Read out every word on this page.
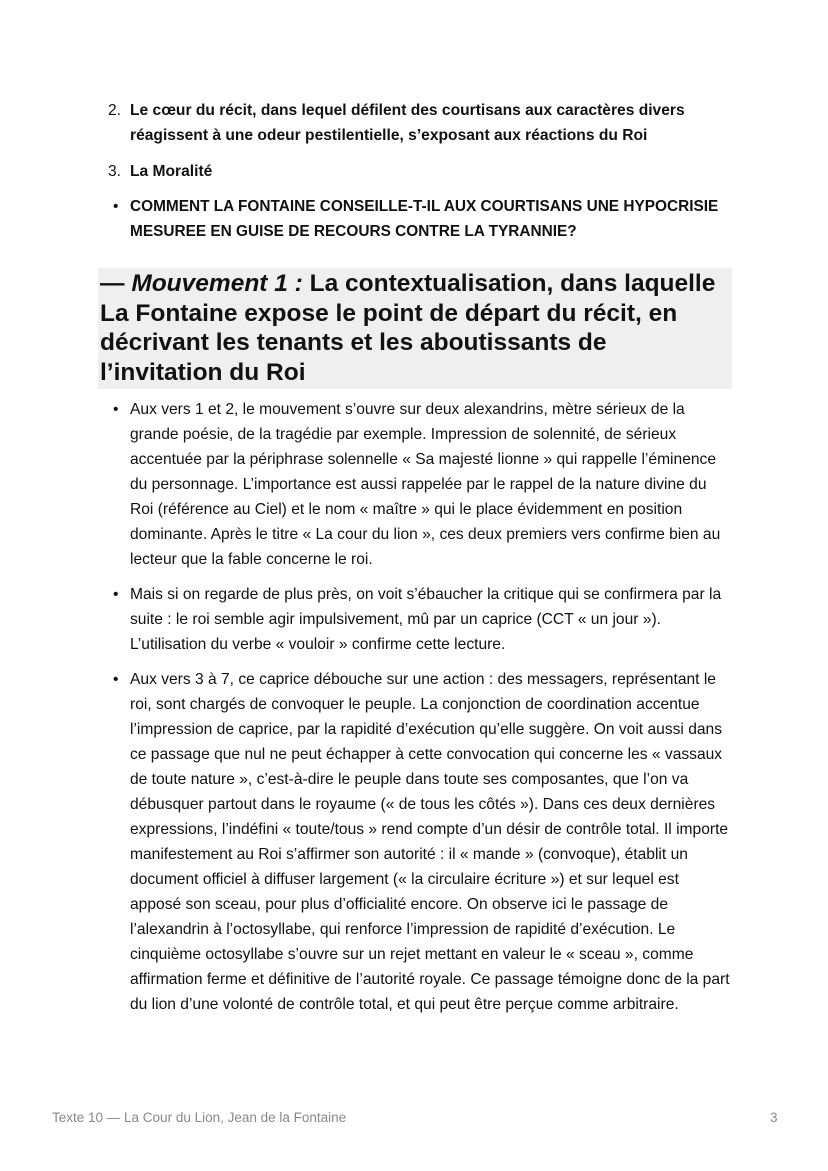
2. Le cœur du récit, dans lequel défilent des courtisans aux caractères divers réagissent à une odeur pestilentielle, s’exposant aux réactions du Roi
3. La Moralité
• COMMENT LA FONTAINE CONSEILLE-T-IL AUX COURTISANS UNE HYPOCRISIE MESUREE EN GUISE DE RECOURS CONTRE LA TYRANNIE?
— Mouvement 1 : La contextualisation, dans laquelle La Fontaine expose le point de départ du récit, en décrivant les tenants et les aboutissants de l’invitation du Roi
• Aux vers 1 et 2, le mouvement s’ouvre sur deux alexandrins, mètre sérieux de la grande poésie, de la tragédie par exemple. Impression de solennité, de sérieux accentuée par la périphrase solennelle « Sa majesté lionne » qui rappelle l’éminence du personnage. L’importance est aussi rappelée par le rappel de la nature divine du Roi (référence au Ciel) et le nom « maître » qui le place évidemment en position dominante. Après le titre « La cour du lion », ces deux premiers vers confirme bien au lecteur que la fable concerne le roi.
• Mais si on regarde de plus près, on voit s’ébaucher la critique qui se confirmera par la suite : le roi semble agir impulsivement, mû par un caprice (CCT « un jour »). L’utilisation du verbe « vouloir » confirme cette lecture.
• Aux vers 3 à 7, ce caprice débouche sur une action : des messagers, représentant le roi, sont chargés de convoquer le peuple. La conjonction de coordination accentue l’impression de caprice, par la rapidité d’exécution qu’elle suggère. On voit aussi dans ce passage que nul ne peut échapper à cette convocation qui concerne les « vassaux de toute nature », c’est-à-dire le peuple dans toute ses composantes, que l’on va débusquer partout dans le royaume (« de tous les côtés »). Dans ces deux dernières expressions, l’indéfini « toute/tous » rend compte d’un désir de contrôle total. Il importe manifestement au Roi s’affirmer son autorité : il « mande » (convoque), établit un document officiel à diffuser largement (« la circulaire écriture ») et sur lequel est apposé son sceau, pour plus d’officialité encore. On observe ici le passage de l’alexandrin à l’octosyllabe, qui renforce l’impression de rapidité d’exécution. Le cinquième octosyllabe s’ouvre sur un rejet mettant en valeur le « sceau », comme affirmation ferme et définitive de l’autorité royale. Ce passage témoigne donc de la part du lion d’une volonté de contrôle total, et qui peut être perçue comme arbitraire.
Texte 10 — La Cour du Lion, Jean de la Fontaine	3
